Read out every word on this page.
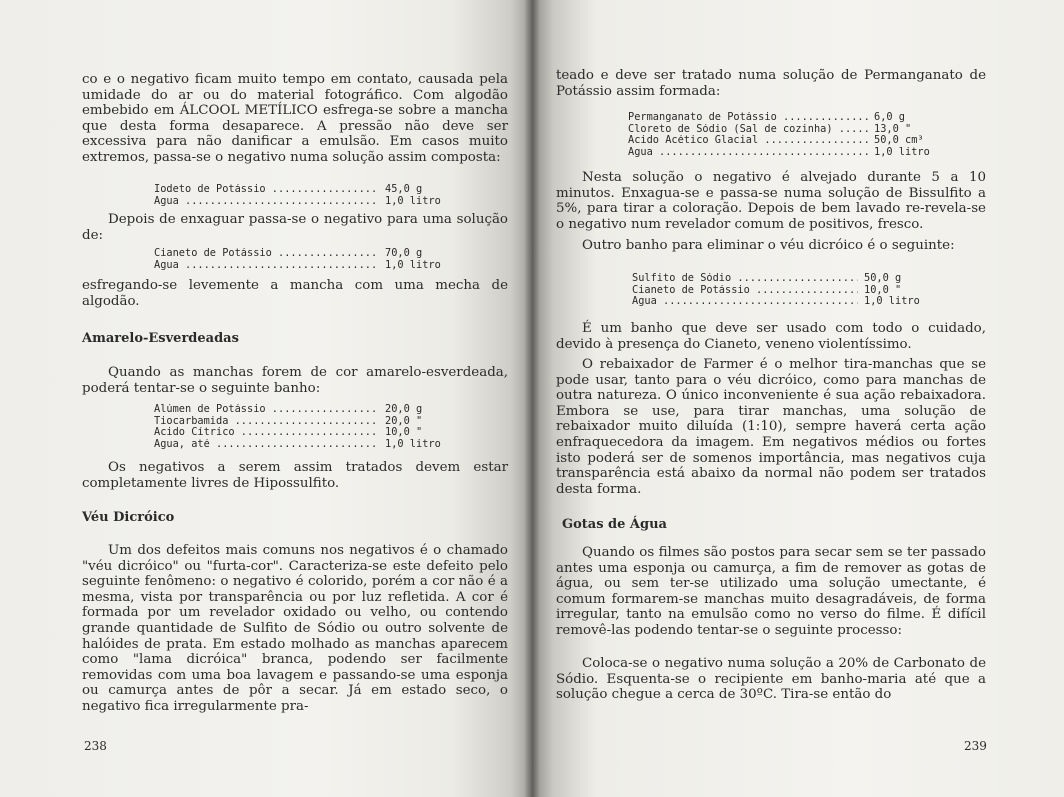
co e o negativo ficam muito tempo em contato, causada pela umidade do ar ou do material fotográfico. Com algodão embebido em ÁLCOOL METÍLICO esfrega-se sobre a mancha que desta forma desaparece. A pressão não deve ser excessiva para não danificar a emulsão. Em casos muito extremos, passa-se o negativo numa solução assim composta:

Iodeto de Potássio .....	45,0 g
Água .....	1,0 litro

Depois de enxaguar passa-se o negativo para uma solução de:

Cianeto de Potássio .....	70,0 g
Agua .....	1,0 litro

esfregando-se levemente a mancha com uma mecha de algodão.

Amarelo-Esverdeadas

Quando as manchas forem de cor amarelo-esverdeada, poderá tentar-se o seguinte banho:

Alúmen de Potássio .....	20,0 g
Tiocarbamida .....	20,0 "
Ácido Cítrico .....	10,0 "
Água, até .....	1,0 litro

Os negativos a serem assim tratados devem estar completamente livres de Hipossulfito.

Véu Dicróico

Um dos defeitos mais comuns nos negativos é o chamado "véu dicróico" ou "furta-cor". Caracteriza-se este defeito pelo seguinte fenômeno: o negativo é colorido, porém a cor não é a mesma, vista por transparência ou por luz refletida. A cor é formada por um revelador oxidado ou velho, ou contendo grande quantidade de Sulfito de Sódio ou outro solvente de halóides de prata. Em estado molhado as manchas aparecem como "lama dicróica" branca, podendo ser facilmente removidas com uma boa lavagem e passando-se uma esponja ou camurça antes de pôr a secar. Já em estado seco, o negativo fica irregularmente pra-

238

teado e deve ser tratado numa solução de Permanganato de Potássio assim formada:

Permanganato de Potássio .....	6,0 g
Cloreto de Sódio (Sal de cozinha) .....	13,0 "
Ácido Acético Glacial .....	50,0 cm³
Água .....	1,0 litro

Nesta solução o negativo é alvejado durante 5 a 10 minutos. Enxagua-se e passa-se numa solução de Bissulfito a 5%, para tirar a coloração. Depois de bem lavado re-revela-se o negativo num revelador comum de positivos, fresco.

Outro banho para eliminar o véu dicróico é o seguinte:

Sulfito de Sódio .....	50,0 g
Cianeto de Potássio .....	10,0 "
Água .....	1,0 litro

É um banho que deve ser usado com todo o cuidado, devido à presença do Cianeto, veneno violentíssimo.

O rebaixador de Farmer é o melhor tira-manchas que se pode usar, tanto para o véu dicróico, como para manchas de outra natureza. O único inconveniente é sua ação rebaixadora. Embora se use, para tirar manchas, uma solução de rebaixador muito diluída (1:10), sempre haverá certa ação enfraquecedora da imagem. Em negativos médios ou fortes isto poderá ser de somenos importância, mas negativos cuja transparência está abaixo da normal não podem ser tratados desta forma.

Gotas de Água

Quando os filmes são postos para secar sem se ter passado antes uma esponja ou camurça, a fim de remover as gotas de água, ou sem ter-se utilizado uma solução umectante, é comum formarem-se manchas muito desagradáveis, de forma irregular, tanto na emulsão como no verso do filme. É difícil removê-las podendo tentar-se o seguinte processo:

Coloca-se o negativo numa solução a 20% de Carbonato de Sódio. Esquenta-se o recipiente em banho-maria até que a solução chegue a cerca de 30ºC. Tira-se então do

239
